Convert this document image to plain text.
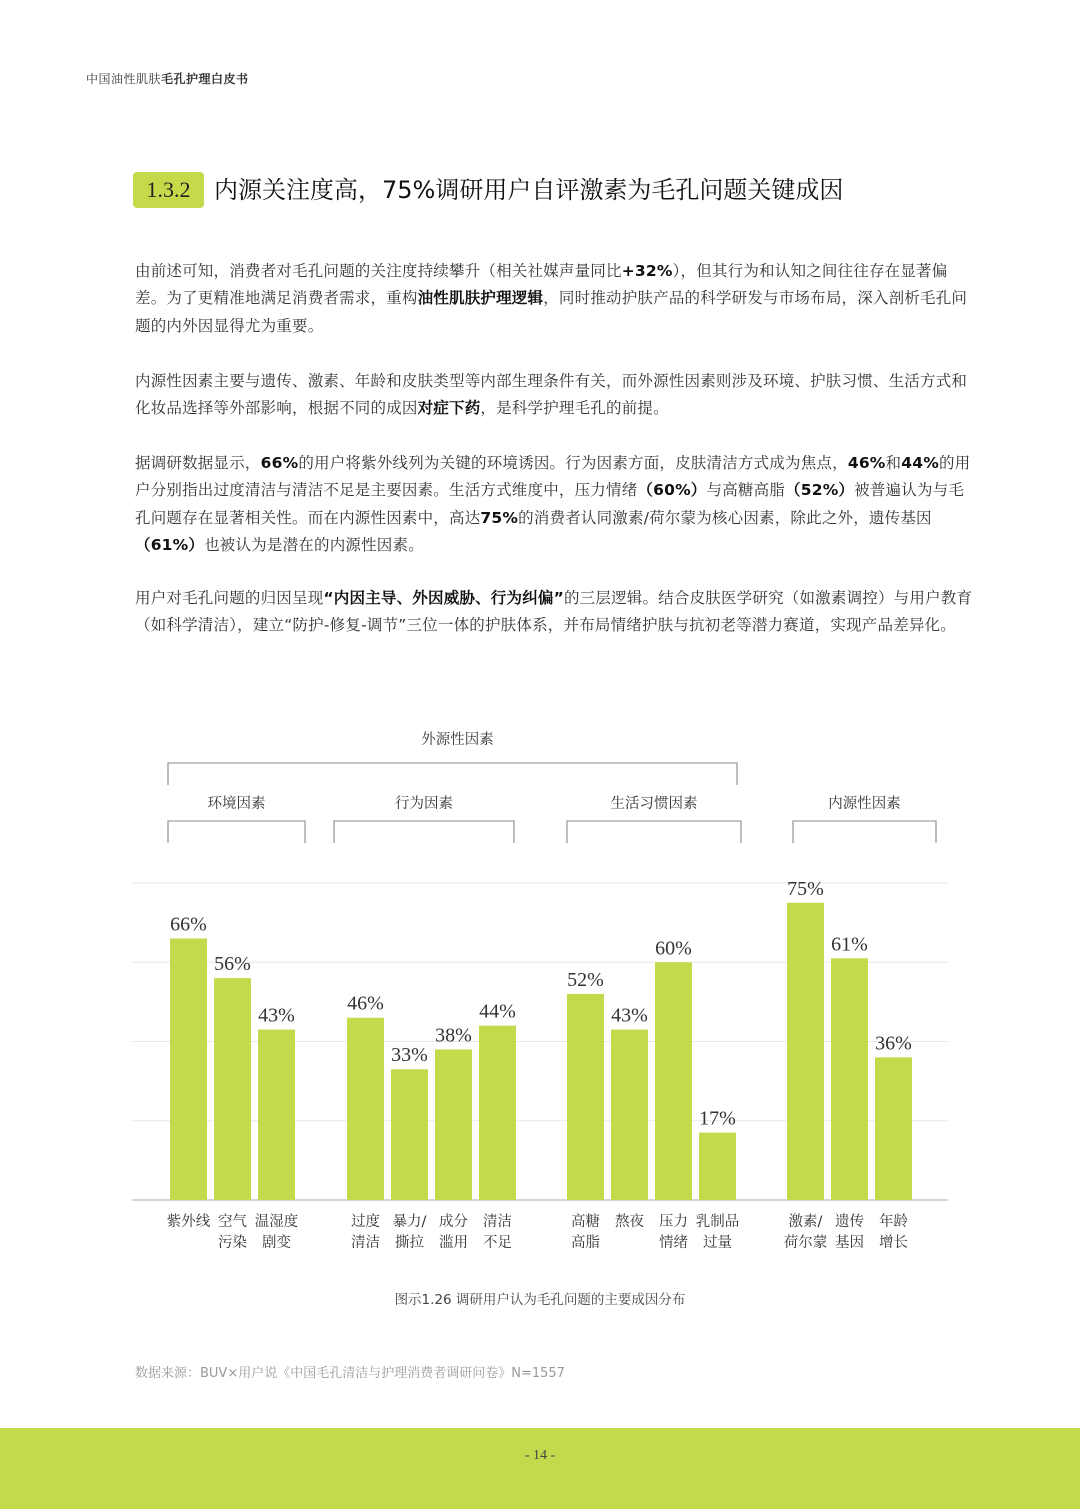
中国油性肌肤毛孔护理白皮书
1.3.2 内源关注度高，75%调研用户自评激素为毛孔问题关键成因

由前述可知，消费者对毛孔问题的关注度持续攀升（相关社媒声量同比+32%），但其行为和认知之间往往存在显著偏差。为了更精准地满足消费者需求，重构油性肌肤护理逻辑，同时推动护肤产品的科学研发与市场布局，深入剖析毛孔问题的内外因显得尤为重要。

内源性因素主要与遗传、激素、年龄和皮肤类型等内部生理条件有关，而外源性因素则涉及环境、护肤习惯、生活方式和化妆品选择等外部影响，根据不同的成因对症下药，是科学护理毛孔的前提。

据调研数据显示，66%的用户将紫外线列为关键的环境诱因。行为因素方面，皮肤清洁方式成为焦点，46%和44%的用户分别指出过度清洁与清洁不足是主要因素。生活方式维度中，压力情绪（60%）与高糖高脂（52%）被普遍认为与毛孔问题存在显著相关性。而在内源性因素中，高达75%的消费者认同激素/荷尔蒙为核心因素，除此之外，遗传基因（61%）也被认为是潜在的内源性因素。

用户对毛孔问题的归因呈现“内因主导、外因威胁、行为纠偏”的三层逻辑。结合皮肤医学研究（如激素调控）与用户教育（如科学清洁），建立“防护-修复-调节”三位一体的护肤体系，并布局情绪护肤与抗初老等潜力赛道，实现产品差异化。

外源性因素
环境因素
66%
紫外线
56%
空气
污染
43%
温湿度
剧变
行为因素
46%
过度
清洁
33%
暴力/
撕拉
38%
成分
滥用
44%
清洁
不足
生活习惯因素
52%
高糖
高脂
43%
熬夜
60%
压力
情绪
17%
乳制品
过量
内源性因素
75%
激素/
荷尔蒙
61%
遗传
基因
36%
年龄
增长
图示1.26 调研用户认为毛孔问题的主要成因分布
数据来源：BUV×用户说《中国毛孔清洁与护理消费者调研问卷》N=1557
- 14 -
